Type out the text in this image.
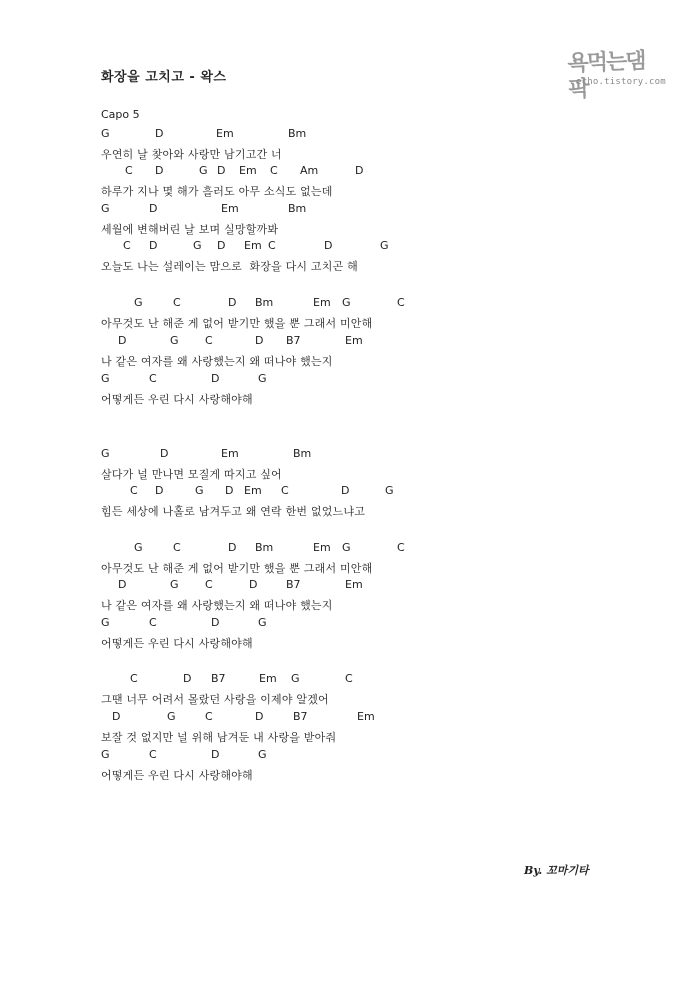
화장을 고치고 - 왁스
욕먹는댐팍
echo.tistory.com
Capo 5
G	D	Em	Bm
우연히 날 찾아와 사랑만 남기고간 너
C D	G D Em C Am	D
하루가 지나 몇 해가 흘러도 아무 소식도 없는데
G	D	Em	Bm
세월에 변해버린 날 보며 실망할까봐
C D	G D Em C	D	G
오늘도 나는 설레이는 맘으로  화장을 다시 고치곤 해
G	C	D Bm	Em G	C
아무것도 난 해준 게 없어 받기만 했을 뿐 그래서 미안해
D	G C	D B7	Em
나 같은 여자를 왜 사랑했는지 왜 떠나야 했는지
G	C	D	G
어떻게든 우린 다시 사랑해야해
G	D	Em	Bm
살다가 널 만나면 모질게 따지고 싶어
C D	G D Em C	D	G
힘든 세상에 나홀로 남겨두고 왜 연락 한번 없었느냐고
G	C	D Bm	Em G	C
아무것도 난 해준 게 없어 받기만 했을 뿐 그래서 미안해
D	G C	D	B7	Em
나 같은 여자를 왜 사랑했는지 왜 떠나야 했는지
G	C	D	G
어떻게든 우린 다시 사랑해야해
C	D B7	Em G	C
그땐 너무 어려서 몰랐던 사랑을 이제야 알겠어
D	G	C	D	B7	Em
보잘 것 없지만 널 위해 남겨둔 내 사랑을 받아줘
G	C	D	G
어떻게든 우린 다시 사랑해야해
By. 꼬마기타
